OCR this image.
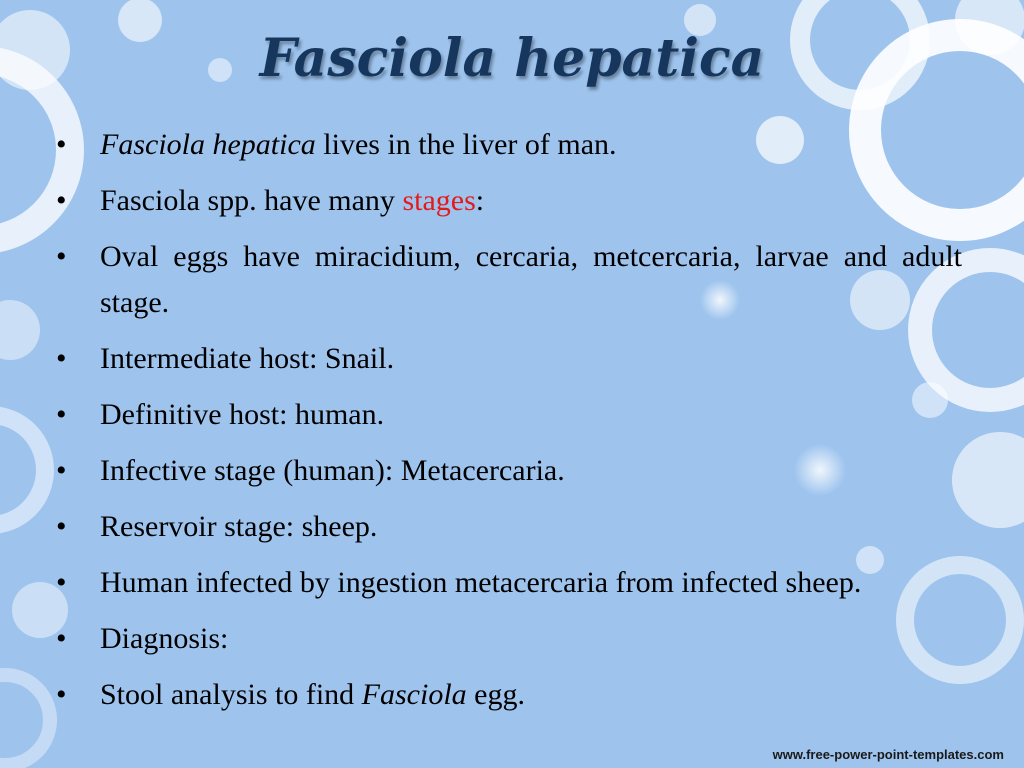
Fasciola hepatica
• Fasciola hepatica lives in the liver of man.
• Fasciola spp. have many stages:
• Oval eggs have miracidium, cercaria, metcercaria, larvae and adult stage.
• Intermediate host: Snail.
• Definitive host: human.
• Infective stage (human): Metacercaria.
• Reservoir stage: sheep.
• Human infected by ingestion metacercaria from infected sheep.
• Diagnosis:
• Stool analysis to find Fasciola egg.
www.free-power-point-templates.com
